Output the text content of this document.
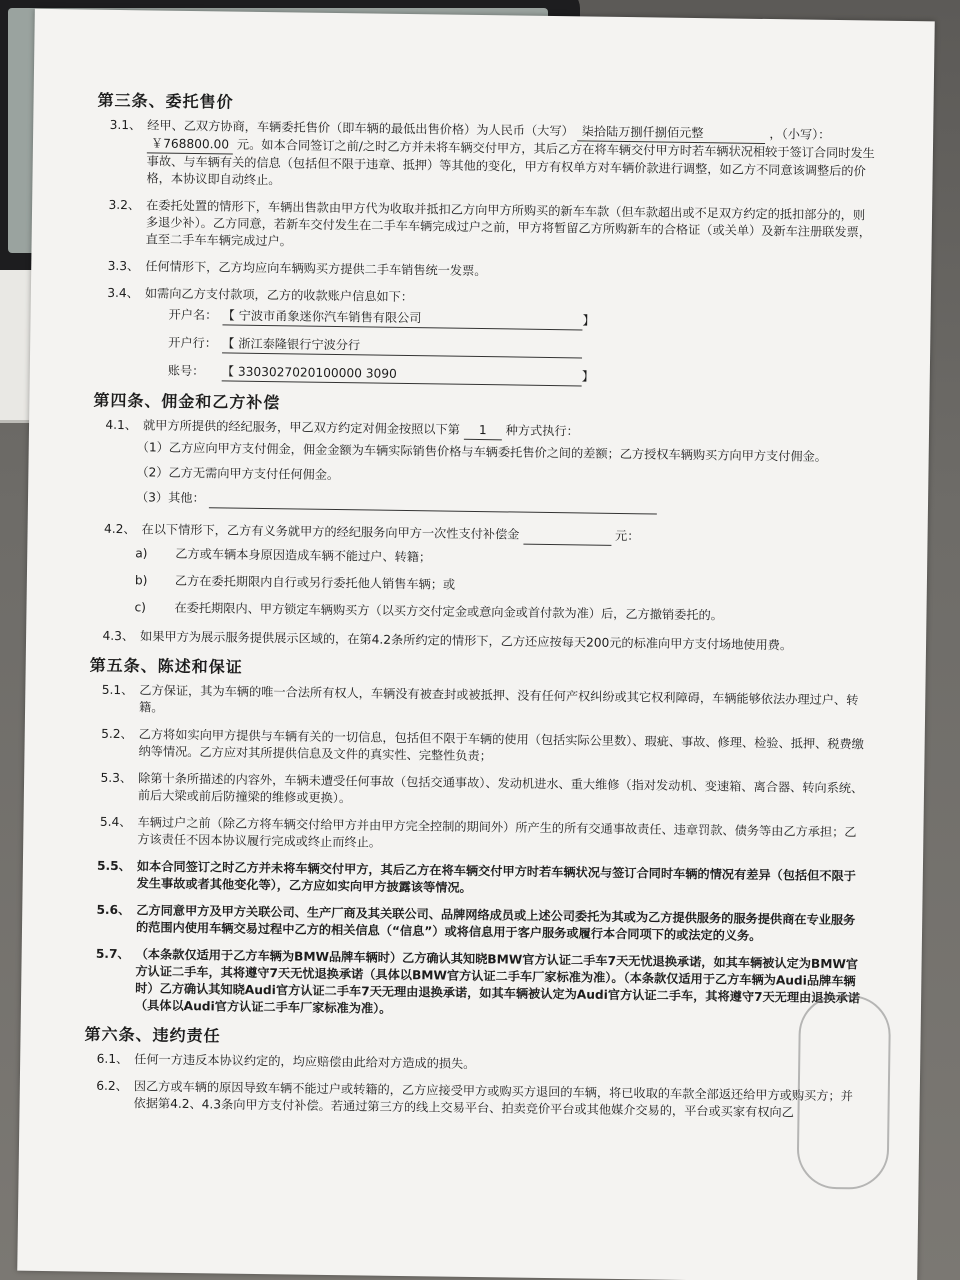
第三条、委托售价
3.1、 经甲、乙双方协商，车辆委托售价（即车辆的最低出售价格）为人民币（大写） 柒拾陆万捌仟捌佰元整	，（小写）： ￥768800.00 元。如本合同签订之前/之时乙方并未将车辆交付甲方，其后乙方在将车辆交付甲方时若车辆状况相较于签订合同时发生事故、与车辆有关的信息（包括但不限于违章、抵押）等其他的变化，甲方有权单方对车辆价款进行调整，如乙方不同意该调整后的价格，本协议即自动终止。
3.2、 在委托处置的情形下，车辆出售款由甲方代为收取并抵扣乙方向甲方所购买的新车车款（但车款超出或不足双方约定的抵扣部分的，则多退少补）。乙方同意，若新车交付发生在二手车车辆完成过户之前，甲方将暂留乙方所购新车的合格证（或关单）及新车注册联发票，直至二手车车辆完成过户。
3.3、 任何情形下，乙方均应向车辆购买方提供二手车销售统一发票。
3.4、 如需向乙方支付款项，乙方的收款账户信息如下：
开户名： 【 宁波市甬象迷你汽车销售有限公司	】
开户行： 【 浙江泰隆银行宁波分行
账号：	【 3303027020100000 3090	】
第四条、佣金和乙方补偿
4.1、 就甲方所提供的经纪服务，甲乙双方约定对佣金按照以下第 1 种方式执行：
（1）乙方应向甲方支付佣金，佣金金额为车辆实际销售价格与车辆委托售价之间的差额；乙方授权车辆购买方向甲方支付佣金。
（2）乙方无需向甲方支付任何佣金。
（3）其他：
4.2、 在以下情形下，乙方有义务就甲方的经纪服务向甲方一次性支付补偿金	元：
a)	乙方或车辆本身原因造成车辆不能过户、转籍；
b)	乙方在委托期限内自行或另行委托他人销售车辆；或
c)	在委托期限内、甲方锁定车辆购买方（以买方交付定金或意向金或首付款为准）后，乙方撤销委托的。
4.3、 如果甲方为展示服务提供展示区域的，在第4.2条所约定的情形下，乙方还应按每天200元的标准向甲方支付场地使用费。
第五条、陈述和保证
5.1、 乙方保证，其为车辆的唯一合法所有权人，车辆没有被查封或被抵押、没有任何产权纠纷或其它权利障碍，车辆能够依法办理过户、转籍。
5.2、 乙方将如实向甲方提供与车辆有关的一切信息，包括但不限于车辆的使用（包括实际公里数）、瑕疵、事故、修理、检验、抵押、税费缴纳等情况。乙方应对其所提供信息及文件的真实性、完整性负责；
5.3、 除第十条所描述的内容外，车辆未遭受任何事故（包括交通事故）、发动机进水、重大维修（指对发动机、变速箱、离合器、转向系统、前后大梁或前后防撞梁的维修或更换）。
5.4、 车辆过户之前（除乙方将车辆交付给甲方并由甲方完全控制的期间外）所产生的所有交通事故责任、违章罚款、债务等由乙方承担；乙方该责任不因本协议履行完成或终止而终止。
5.5、 如本合同签订之时乙方并未将车辆交付甲方，其后乙方在将车辆交付甲方时若车辆状况与签订合同时车辆的情况有差异（包括但不限于发生事故或者其他变化等），乙方应如实向甲方披露该等情况。
5.6、 乙方同意甲方及甲方关联公司、生产厂商及其关联公司、品牌网络成员或上述公司委托为其或为乙方提供服务的服务提供商在专业服务的范围内使用车辆交易过程中乙方的相关信息（“信息”）或将信息用于客户服务或履行本合同项下的或法定的义务。
5.7、 （本条款仅适用于乙方车辆为BMW品牌车辆时）乙方确认其知晓BMW官方认证二手车7天无忧退换承诺，如其车辆被认定为BMW官方认证二手车，其将遵守7天无忧退换承诺（具体以BMW官方认证二手车厂家标准为准）。（本条款仅适用于乙方车辆为Audi品牌车辆时）乙方确认其知晓Audi官方认证二手车7天无理由退换承诺，如其车辆被认定为Audi官方认证二手车，其将遵守7天无理由退换承诺（具体以Audi官方认证二手车厂家标准为准）。
第六条、违约责任
6.1、 任何一方违反本协议约定的，均应赔偿由此给对方造成的损失。
6.2、 因乙方或车辆的原因导致车辆不能过户或转籍的，乙方应接受甲方或购买方退回的车辆，将已收取的车款全部返还给甲方或购买方；并依据第4.2、4.3条向甲方支付补偿。若通过第三方的线上交易平台、拍卖竞价平台或其他媒介交易的，平台或买家有权向乙
